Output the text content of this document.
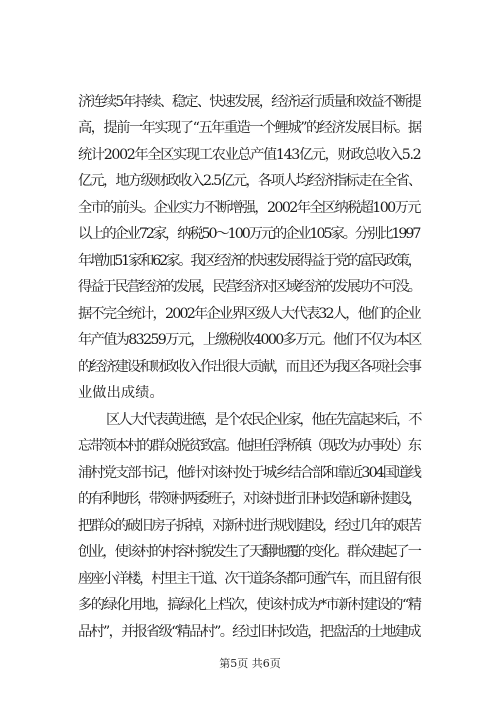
济连续5年持续、稳定、快速发展，经济运行质量和效益不断提
高，提前一年实现了“五年重造一个鲤城”的经济发展目标。据
统计2002年全区实现工农业总产值143亿元，财政总收入5.2
亿元，地方级财政收入2.5亿元，各项人均经济指标走在全省、
全市的前头。企业实力不断增强，2002年全区纳税超100万元
以上的企业72家，纳税50～100万元的企业105家。分别比1997
年增加51家和62家。我区经济的快速发展得益于党的富民政策，
得益于民营经济的发展，民营经济对区域经济的发展功不可没。
据不完全统计，2002年企业界区级人大代表32人，他们的企业
年产值为83259万元，上缴税收4000多万元。他们不仅为本区
的经济建设和财政收入作出很大贡献，而且还为我区各项社会事
业做出成绩。
区人大代表黄进德，是个农民企业家，他在先富起来后，不
忘带领本村的群众脱贫致富。他担任浮桥镇（现改为办事处）东
浦村党支部书记，他针对该村处于城乡结合部和靠近304国道线
的有利地形，带领村两委班子，对该村进行旧村改造和新村建设，
把群众的破旧房子拆掉，对新村进行规划建设，经过几年的艰苦
创业，使该村的村容村貌发生了天翻地覆的变化。群众建起了一
座座小洋楼，村里主干道、次干道条条都可通汽车，而且留有很
多的绿化用地，搞绿化上档次，使该村成为*市新村建设的“精
品村”，并报省级“精品村”。经过旧村改造，把盘活的土地建成
第5页 共6页
